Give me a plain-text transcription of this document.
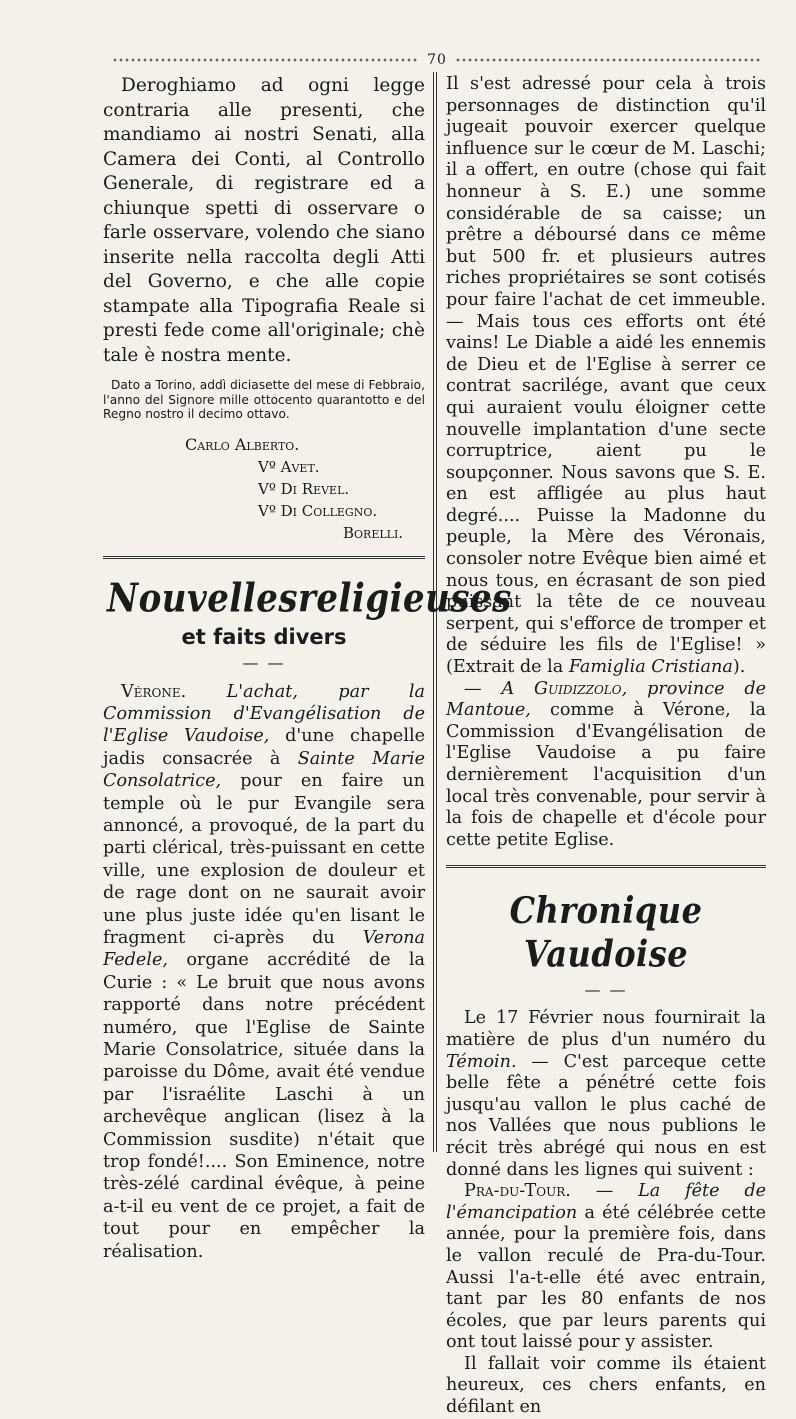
70

Deroghiamo ad ogni legge contraria alle presenti, che mandiamo ai nostri Senati, alla Camera dei Conti, al Controllo Generale, di registrare ed a chiunque spetti di osservare o farle osservare, volendo che siano inserite nella raccolta degli Atti del Governo, e che alle copie stampate alla Tipografia Reale si presti fede come all'originale; chè tale è nostra mente.

Dato a Torino, addì diciasette del mese di Febbraio, l'anno del Signore mille ottocento quarantotto e del Regno nostro il decimo ottavo.

Carlo Alberto.
Vº Avet.
Vº Di Revel.
Vº Di Collegno.
Borelli.
Nouvelles religieuses
et faits divers
— —

Vérone. L'achat, par la Commission d'Evangélisation de l'Eglise Vaudoise, d'une chapelle jadis consacrée à Sainte Marie Consolatrice, pour en faire un temple où le pur Evangile sera annoncé, a provoqué, de la part du parti clérical, très-puissant en cette ville, une explosion de douleur et de rage dont on ne saurait avoir une plus juste idée qu'en lisant le fragment ci-après du Verona Fedele, organe accrédité de la Curie : « Le bruit que nous avons rapporté dans notre précédent numéro, que l'Eglise de Sainte Marie Consolatrice, située dans la paroisse du Dôme, avait été vendue par l'israélite Laschi à un archevêque anglican (lisez à la Commission susdite) n'était que trop fondé!.... Son Eminence, notre très-zélé cardinal évêque, à peine a-t-il eu vent de ce projet, a fait de tout pour en empêcher la réalisation.

Il s'est adressé pour cela à trois personnages de distinction qu'il jugeait pouvoir exercer quelque influence sur le cœur de M. Laschi; il a offert, en outre (chose qui fait honneur à S. E.) une somme considérable de sa caisse; un prêtre a déboursé dans ce même but 500 fr. et plusieurs autres riches propriétaires se sont cotisés pour faire l'achat de cet immeuble. — Mais tous ces efforts ont été vains! Le Diable a aidé les ennemis de Dieu et de l'Eglise à serrer ce contrat sacrilége, avant que ceux qui auraient voulu éloigner cette nouvelle implantation d'une secte corruptrice, aient pu le soupçonner. Nous savons que S. E. en est affligée au plus haut degré.... Puisse la Madonne du peuple, la Mère des Véronais, consoler notre Evêque bien aimé et nous tous, en écrasant de son pied puissant la tête de ce nouveau serpent, qui s'efforce de tromper et de séduire les fils de l'Eglise! » (Extrait de la Famiglia Cristiana).

— A Guidizzolo, province de Mantoue, comme à Vérone, la Commission d'Evangélisation de l'Eglise Vaudoise a pu faire dernièrement l'acquisition d'un local très convenable, pour servir à la fois de chapelle et d'école pour cette petite Eglise.

Chronique Vaudoise
— —

Le 17 Février nous fournirait la matière de plus d'un numéro du Témoin. — C'est parceque cette belle fête a pénétré cette fois jusqu'au vallon le plus caché de nos Vallées que nous publions le récit très abrégé qui nous en est donné dans les lignes qui suivent :

Pra-du-Tour. — La fête de l'émancipation a été célébrée cette année, pour la première fois, dans le vallon reculé de Pra-du-Tour. Aussi l'a-t-elle été avec entrain, tant par les 80 enfants de nos écoles, que par leurs parents qui ont tout laissé pour y assister.

Il fallait voir comme ils étaient heureux, ces chers enfants, en défilant en
